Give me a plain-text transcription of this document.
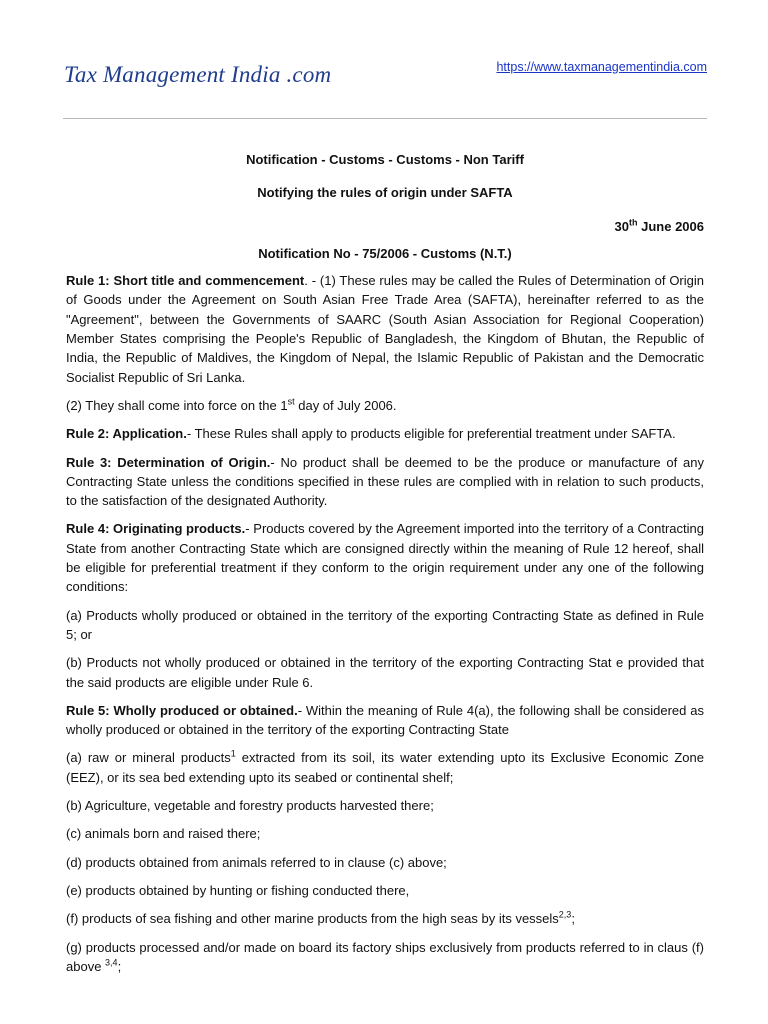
Tax Management India .com	https://www.taxmanagementindia.com
Notification - Customs - Customs - Non Tariff
Notifying the rules of origin under SAFTA
30th June 2006
Notification No - 75/2006 - Customs (N.T.)

Rule 1: Short title and commencement. - (1) These rules may be called the Rules of Determination of Origin of Goods under the Agreement on South Asian Free Trade Area (SAFTA), hereinafter referred to as the "Agreement", between the Governments of SAARC (South Asian Association for Regional Cooperation) Member States comprising the People's Republic of Bangladesh, the Kingdom of Bhutan, the Republic of India, the Republic of Maldives, the Kingdom of Nepal, the Islamic Republic of Pakistan and the Democratic Socialist Republic of Sri Lanka.

(2) They shall come into force on the 1st day of July 2006.

Rule 2: Application.- These Rules shall apply to products eligible for preferential treatment under SAFTA.

Rule 3: Determination of Origin.- No product shall be deemed to be the produce or manufacture of any Contracting State unless the conditions specified in these rules are complied with in relation to such products, to the satisfaction of the designated Authority.

Rule 4: Originating products.- Products covered by the Agreement imported into the territory of a Contracting State from another Contracting State which are consigned directly within the meaning of Rule 12 hereof, shall be eligible for preferential treatment if they conform to the origin requirement under any one of the following conditions:

(a) Products wholly produced or obtained in the territory of the exporting Contracting State as defined in Rule 5; or

(b) Products not wholly produced or obtained in the territory of the exporting Contracting Stat e provided that the said products are eligible under Rule 6.

Rule 5: Wholly produced or obtained.- Within the meaning of Rule 4(a), the following shall be considered as wholly produced or obtained in the territory of the exporting Contracting State

(a) raw or mineral products$^1$ extracted from its soil, its water extending upto its Exclusive Economic Zone (EEZ), or its sea bed extending upto its seabed or continental shelf;

(b) Agriculture, vegetable and forestry products harvested there;

(c) animals born and raised there;

(d) products obtained from animals referred to in clause (c) above;

(e) products obtained by hunting or fishing conducted there,

(f) products of sea fishing and other marine products from the high seas by its vessels$^{2,3}$;

(g) products processed and/or made on board its factory ships exclusively from products referred to in claus (f) above $^{3,4}$;
